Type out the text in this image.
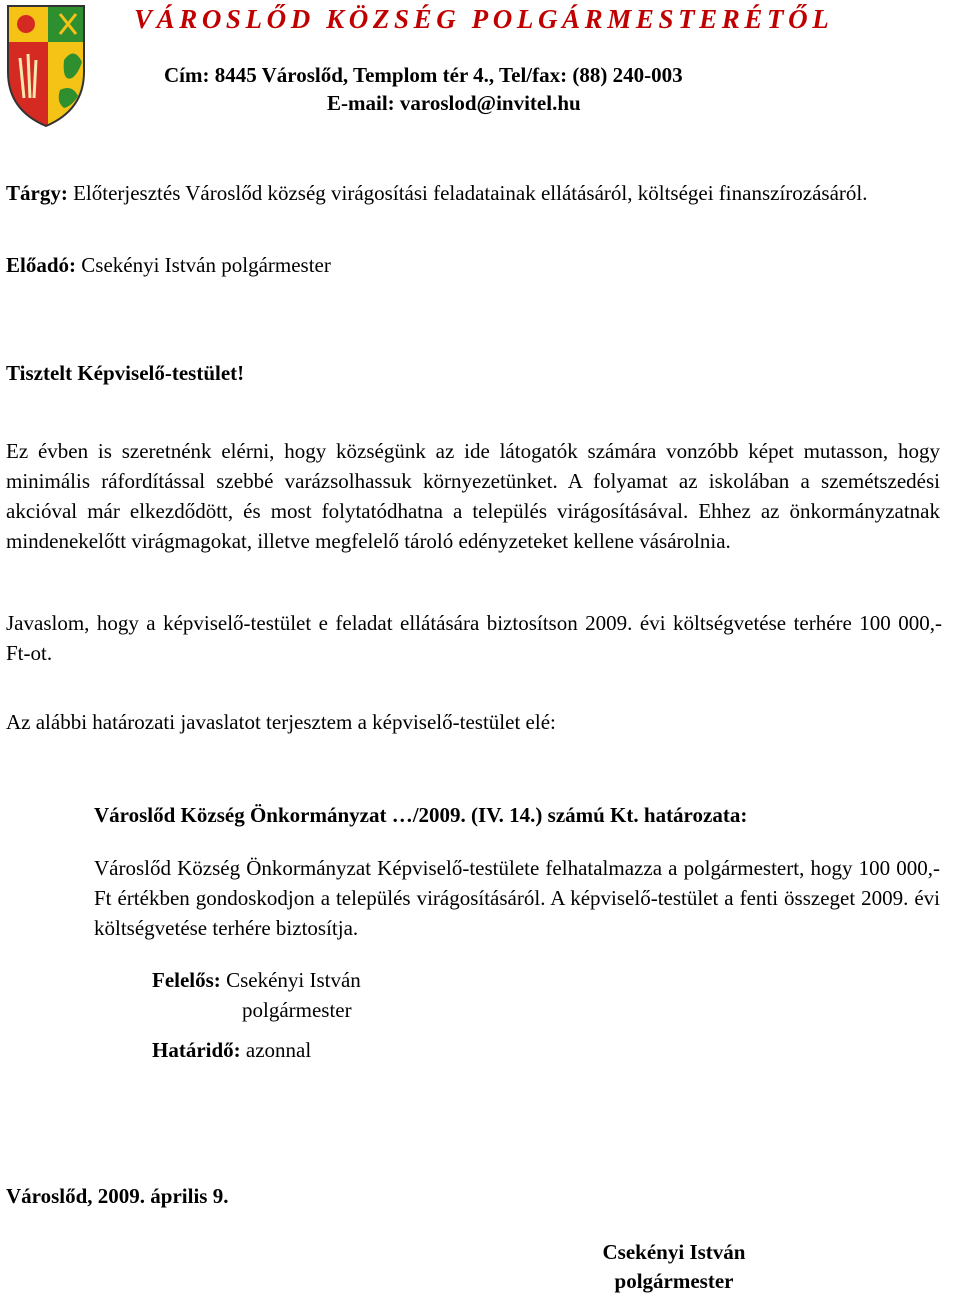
VÁROSLŐD KÖZSÉG POLGÁRMESTERÉTŐL
Cím: 8445 Városlőd, Templom tér 4., Tel/fax: (88) 240-003
E-mail: varoslod@invitel.hu
Tárgy: Előterjesztés Városlőd község virágosítási feladatainak ellátásáról, költségei finanszírozásáról.
Előadó: Csekényi István polgármester
Tisztelt Képviselő-testület!
Ez évben is szeretnénk elérni, hogy községünk az ide látogatók számára vonzóbb képet mutasson, hogy minimális ráfordítással szebbé varázsolhassuk környezetünket. A folyamat az iskolában a szemétszedési akcióval már elkezdődött, és most folytatódhatna a település virágosításával. Ehhez az önkormányzatnak mindenekelőtt virágmagokat, illetve megfelelő tároló edényzeteket kellene vásárolnia.
Javaslom, hogy a képviselő-testület e feladat ellátására biztosítson 2009. évi költségvetése terhére 100 000,- Ft-ot.
Az alábbi határozati javaslatot terjesztem a képviselő-testület elé:
Városlőd Község Önkormányzat …/2009. (IV. 14.) számú Kt. határozata:
Városlőd Község Önkormányzat Képviselő-testülete felhatalmazza a polgármestert, hogy 100 000,- Ft értékben gondoskodjon a település virágosításáról. A képviselő-testület a fenti összeget 2009. évi költségvetése terhére biztosítja.
Felelős: Csekényi István
polgármester
Határidő: azonnal
Városlőd, 2009. április 9.
Csekényi István
polgármester
